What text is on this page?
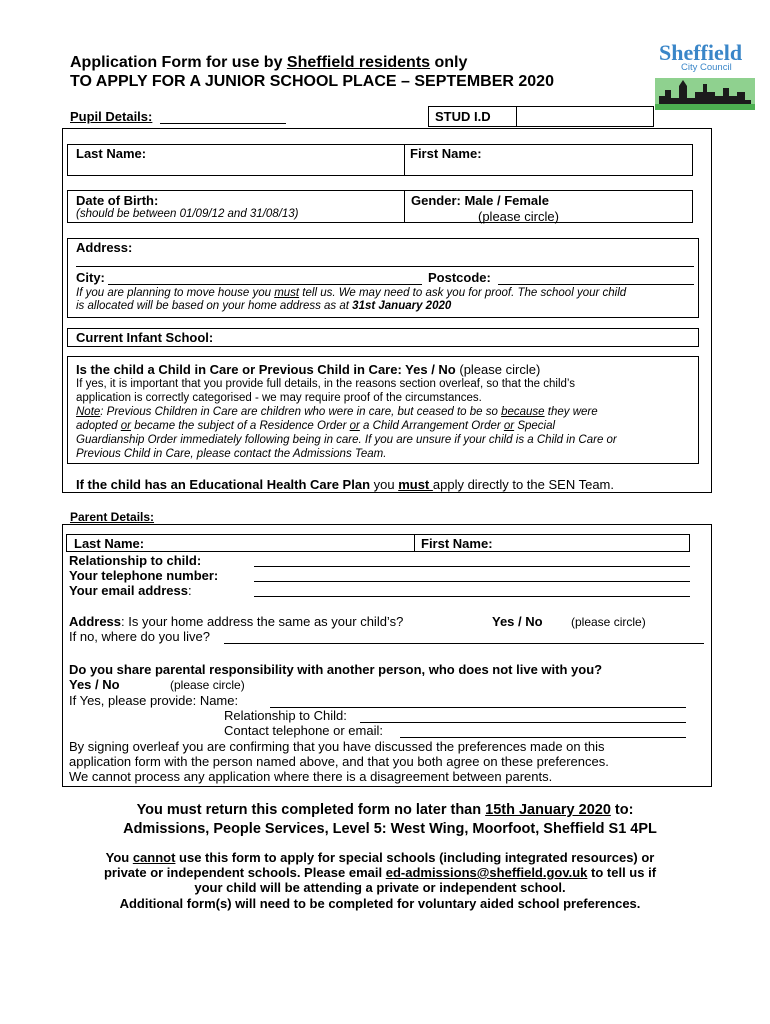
Application Form for use by Sheffield residents only
TO APPLY FOR A JUNIOR SCHOOL PLACE – SEPTEMBER 2020
Sheffield
City Council
Pupil Details:	STUD I.D
Last Name:	First Name:
Date of Birth:
(should be between 01/09/12 and 31/08/13)
Gender: Male / Female
(please circle)
Address:
City:	Postcode:
If you are planning to move house you must tell us. We may need to ask you for proof. The school your child
is allocated will be based on your home address as at 31st January 2020
Current Infant School:
Is the child a Child in Care or Previous Child in Care: Yes / No (please circle)
If yes, it is important that you provide full details, in the reasons section overleaf, so that the child’s
application is correctly categorised - we may require proof of the circumstances.
Note: Previous Children in Care are children who were in care, but ceased to be so because they were
adopted or became the subject of a Residence Order or a Child Arrangement Order or Special
Guardianship Order immediately following being in care. If you are unsure if your child is a Child in Care or
Previous Child in Care, please contact the Admissions Team.
If the child has an Educational Health Care Plan you must apply directly to the SEN Team.
Parent Details:
Last Name:	First Name:
Relationship to child:
Your telephone number:
Your email address:
Address: Is your home address the same as your child’s?	Yes / No (please circle)
If no, where do you live?
Do you share parental responsibility with another person, who does not live with you?
Yes / No	(please circle)
If Yes, please provide: Name:
Relationship to Child:
Contact telephone or email:
By signing overleaf you are confirming that you have discussed the preferences made on this
application form with the person named above, and that you both agree on these preferences.
We cannot process any application where there is a disagreement between parents.
You must return this completed form no later than 15th January 2020 to:
Admissions, People Services, Level 5: West Wing, Moorfoot, Sheffield S1 4PL
You cannot use this form to apply for special schools (including integrated resources) or
private or independent schools. Please email ed-admissions@sheffield.gov.uk to tell us if
your child will be attending a private or independent school.
Additional form(s) will need to be completed for voluntary aided school preferences.
